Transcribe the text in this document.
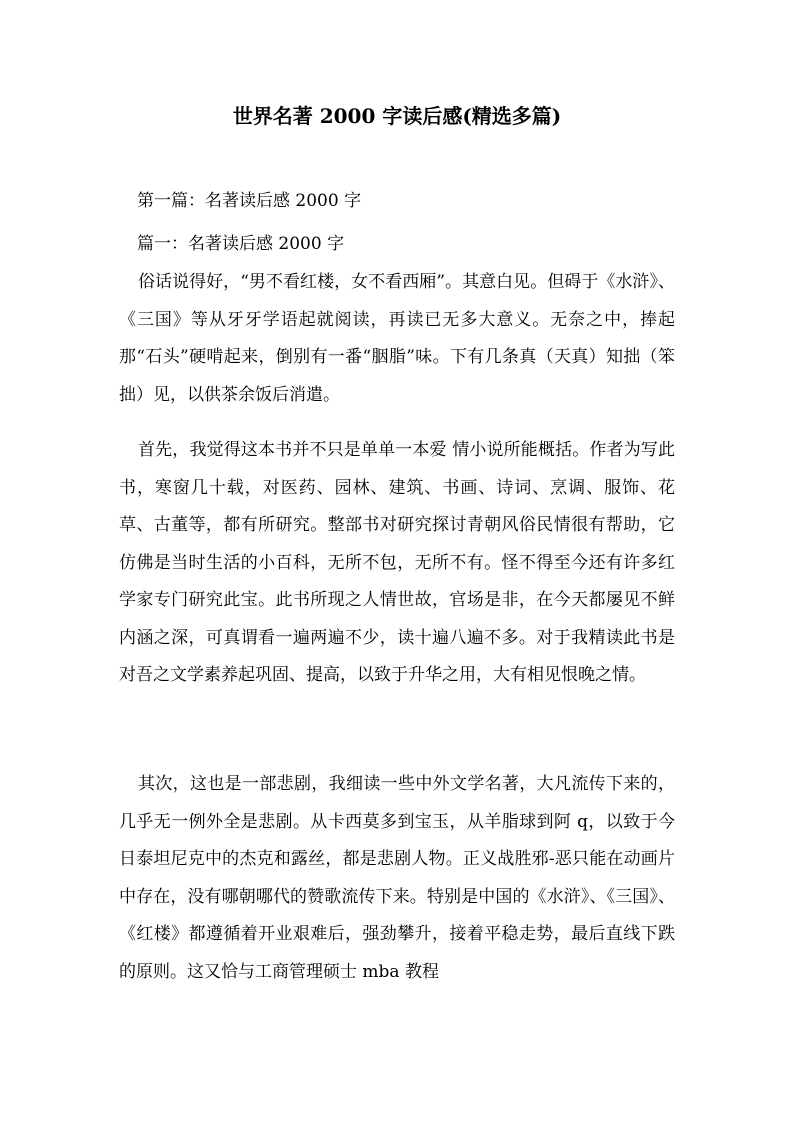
世界名著 2000 字读后感(精选多篇)

第一篇：名著读后感 2000 字

篇一：名著读后感 2000 字

俗话说得好，“男不看红楼，女不看西厢”。其意白见。但碍于《水浒》、《三国》等从牙牙学语起就阅读，再读已无多大意义。无奈之中，捧起那“石头”硬啃起来，倒别有一番“胭脂”味。下有几条真（天真）知拙（笨拙）见，以供茶余饭后消遣。

首先，我觉得这本书并不只是单单一本爱 情小说所能概括。作者为写此书，寒窗几十载，对医药、园林、建筑、书画、诗词、烹调、服饰、花草、古董等，都有所研究。整部书对研究探讨青朝风俗民情很有帮助，它仿佛是当时生活的小百科，无所不包，无所不有。怪不得至今还有许多红学家专门研究此宝。此书所现之人情世故，官场是非，在今天都屡见不鲜内涵之深，可真谓看一遍两遍不少，读十遍八遍不多。对于我精读此书是对吾之文学素养起巩固、提高，以致于升华之用，大有相见恨晚之情。

其次，这也是一部悲剧，我细读一些中外文学名著，大凡流传下来的，几乎无一例外全是悲剧。从卡西莫多到宝玉，从羊脂球到阿 q，以致于今日泰坦尼克中的杰克和露丝，都是悲剧人物。正义战胜邪-恶只能在动画片中存在，没有哪朝哪代的赞歌流传下来。特别是中国的《水浒》、《三国》、《红楼》都遵循着开业艰难后，强劲攀升，接着平稳走势，最后直线下跌的原则。这又恰与工商管理硕士 mba 教程
